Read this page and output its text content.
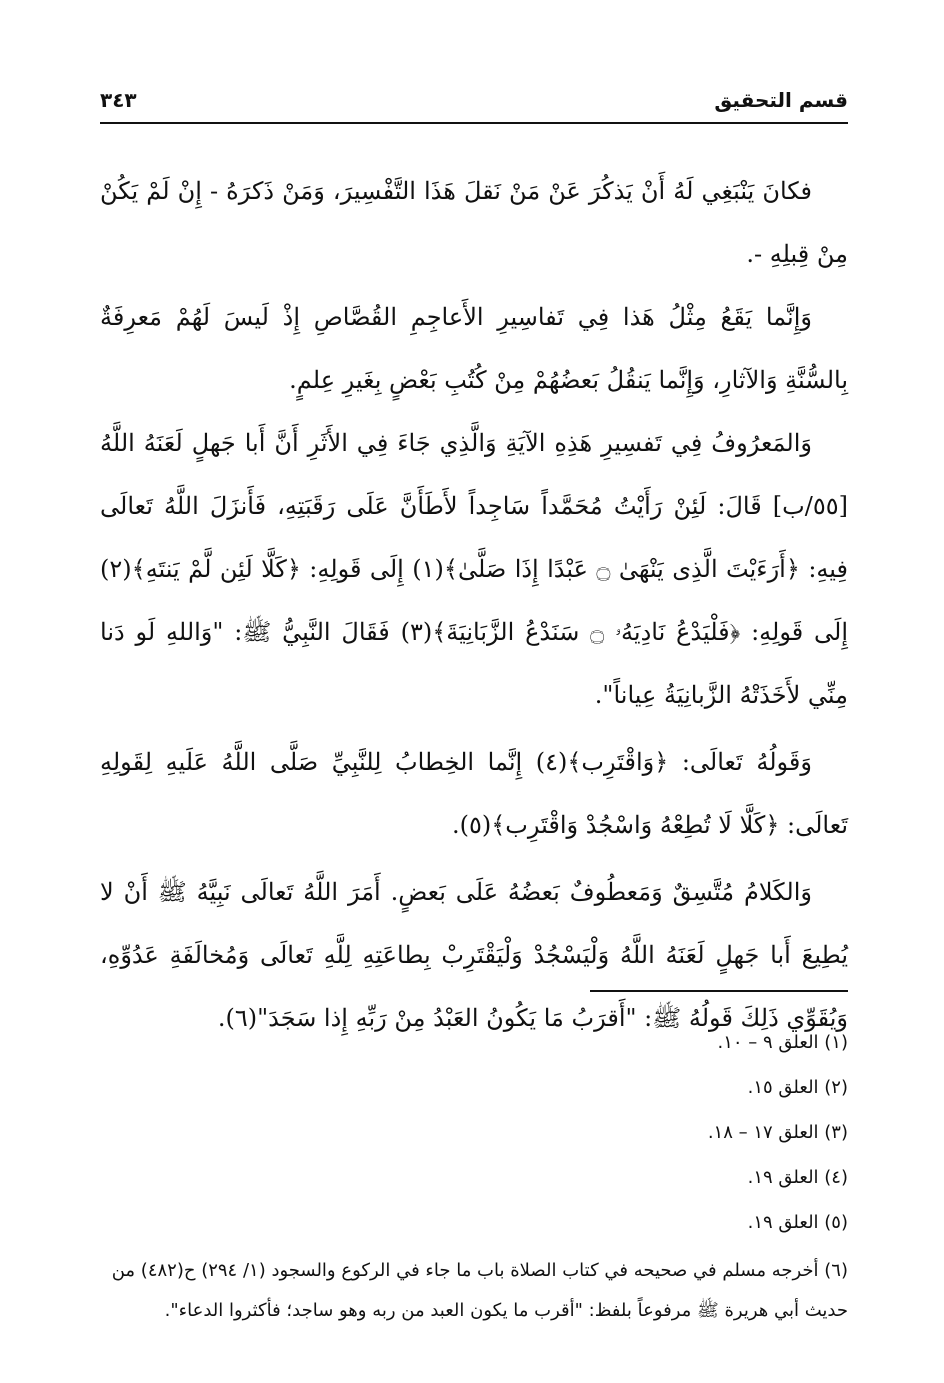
قسم التحقيق
٣٤٣

فكانَ يَنْبَغِي لَهُ أَنْ يَذكُرَ عَنْ مَنْ نَقلَ هَذَا التَّفْسِيرَ، وَمَنْ ذَكرَهُ - إِنْ لَمْ يَكُنْ مِنْ قِبلِهِ -.

وَإِنَّما يَقَعُ مِثْلُ هَذا فِي تَفاسِيرِ الأَعاجِمِ القُصَّاصِ إِذْ لَيسَ لَهُمْ مَعرِفَةٌ بِالسُّنَّةِ وَالآثارِ، وَإِنَّما يَنقُلُ بَعضُهُمْ مِنْ كُتُبِ بَعْضٍ بِغَيرِ عِلمٍ.

وَالمَعرُوفُ فِي تَفسِيرِ هَذِهِ الآيَةِ وَالَّذِي جَاءَ فِي الأَثَرِ أَنَّ أَبا جَهلٍ لَعَنَهُ اللَّهُ [٥٥/ب] قَالَ: لَئِنْ رَأَيْتُ مُحَمَّداً سَاجِداً لأَطَأَنَّ عَلَى رَقَبَتِهِ، فَأَنزَلَ اللَّهُ تَعالَى فِيهِ: ﴿أَرَءَيْتَ الَّذِى يَنْهَىٰ ۝ عَبْدًا إِذَا صَلَّىٰ﴾(١) إِلَى قَولِهِ: ﴿كَلَّا لَئِن لَّمْ يَنتَهِ﴾(٢) إِلَى قَولِهِ: ﴿فَلْيَدْعُ نَادِيَهُۥ ۝ سَنَدْعُ الزَّبَانِيَةَ﴾(٣) فَقَالَ النَّبِيُّ ﷺ: "وَاللهِ لَو دَنا مِنِّي لأَخَذَتْهُ الزَّبانِيَةُ عِياناً".

وَقَولُهُ تَعالَى: ﴿وَاقْتَرِب﴾(٤) إِنَّما الخِطابُ لِلنَّبِيِّ صَلَّى اللَّهُ عَلَيهِ لِقَولِهِ تَعالَى: ﴿كَلَّا لَا تُطِعْهُ وَاسْجُدْ وَاقْتَرِب﴾(٥).

وَالكَلامُ مُتَّسِقٌ وَمَعطُوفٌ بَعضُهُ عَلَى بَعضٍ. أَمَرَ اللَّهُ تَعالَى نَبِيَّهُ ﷺ أَنْ لا يُطِيعَ أَبا جَهلٍ لَعَنَهُ اللَّهُ وَلْيَسْجُدْ وَلْيَقْتَرِبْ بِطاعَتِهِ لِلَّهِ تَعالَى وَمُخالَفَةِ عَدُوِّهِ، وَيُقَوِّي ذَلِكَ قَولُهُ ﷺ: "أَقرَبُ مَا يَكُونُ العَبْدُ مِنْ رَبِّهِ إِذا سَجَدَ"(٦).

(١) العلق ٩ – ١٠.

(٢) العلق ١٥.

(٣) العلق ١٧ – ١٨.

(٤) العلق ١٩.

(٥) العلق ١٩.

(٦) أخرجه مسلم في صحيحه في كتاب الصلاة باب ما جاء في الركوع والسجود (١/ ٢٩٤) ح(٤٨٢) من حديث أبي هريرة ﷺ مرفوعاً بلفظ: "أقرب ما يكون العبد من ربه وهو ساجد؛ فأكثروا الدعاء".
